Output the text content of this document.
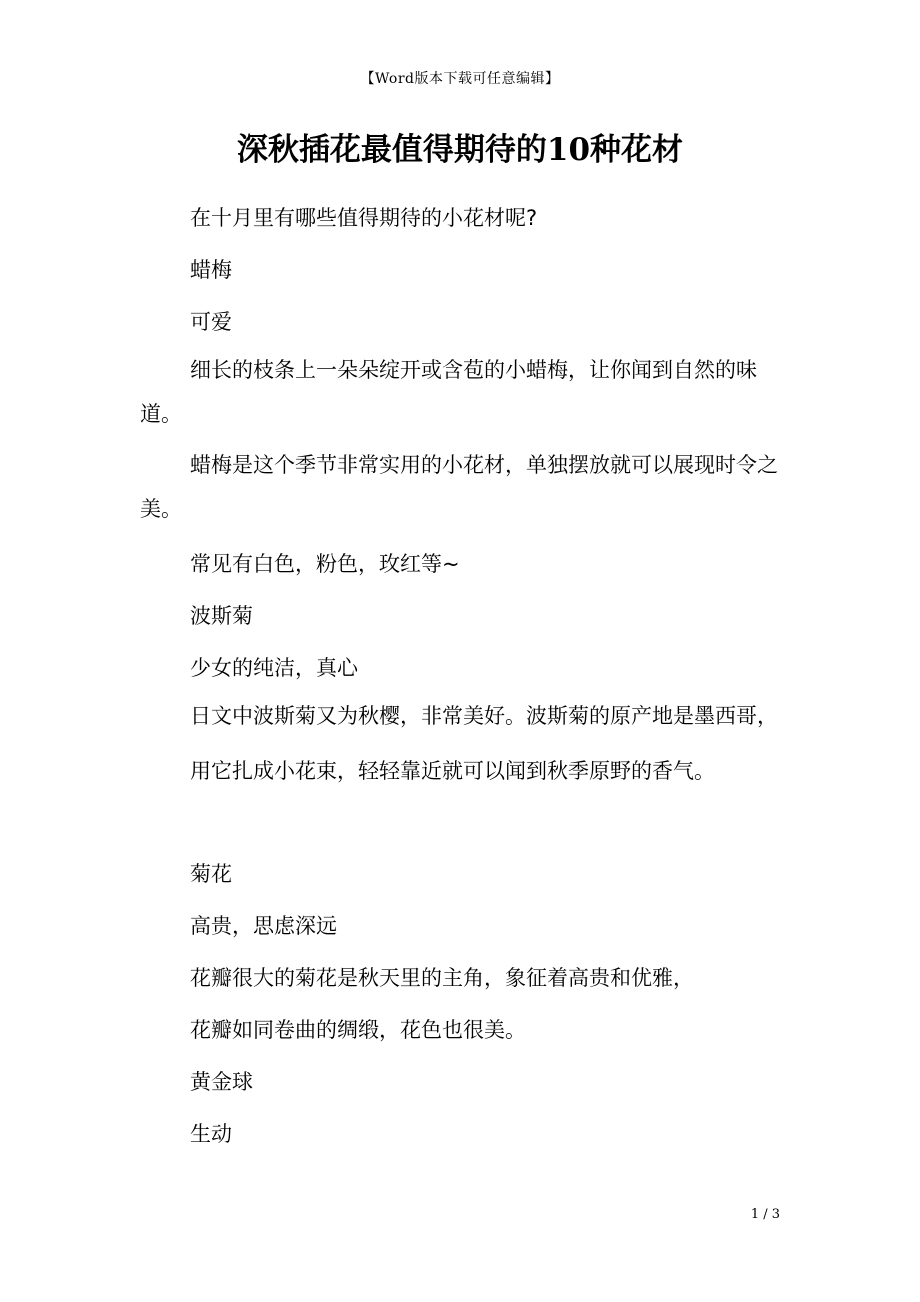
【Word版本下载可任意编辑】
深秋插花最值得期待的10种花材

在十月里有哪些值得期待的小花材呢?

蜡梅

可爱

细长的枝条上一朵朵绽开或含苞的小蜡梅，让你闻到自然的味道。

蜡梅是这个季节非常实用的小花材，单独摆放就可以展现时令之美。

常见有白色，粉色，玫红等~

波斯菊

少女的纯洁，真心

日文中波斯菊又为秋樱，非常美好。波斯菊的原产地是墨西哥，

用它扎成小花束，轻轻靠近就可以闻到秋季原野的香气。

菊花

高贵，思虑深远

花瓣很大的菊花是秋天里的主角，象征着高贵和优雅，

花瓣如同卷曲的绸缎，花色也很美。

黄金球

生动

1 / 3
